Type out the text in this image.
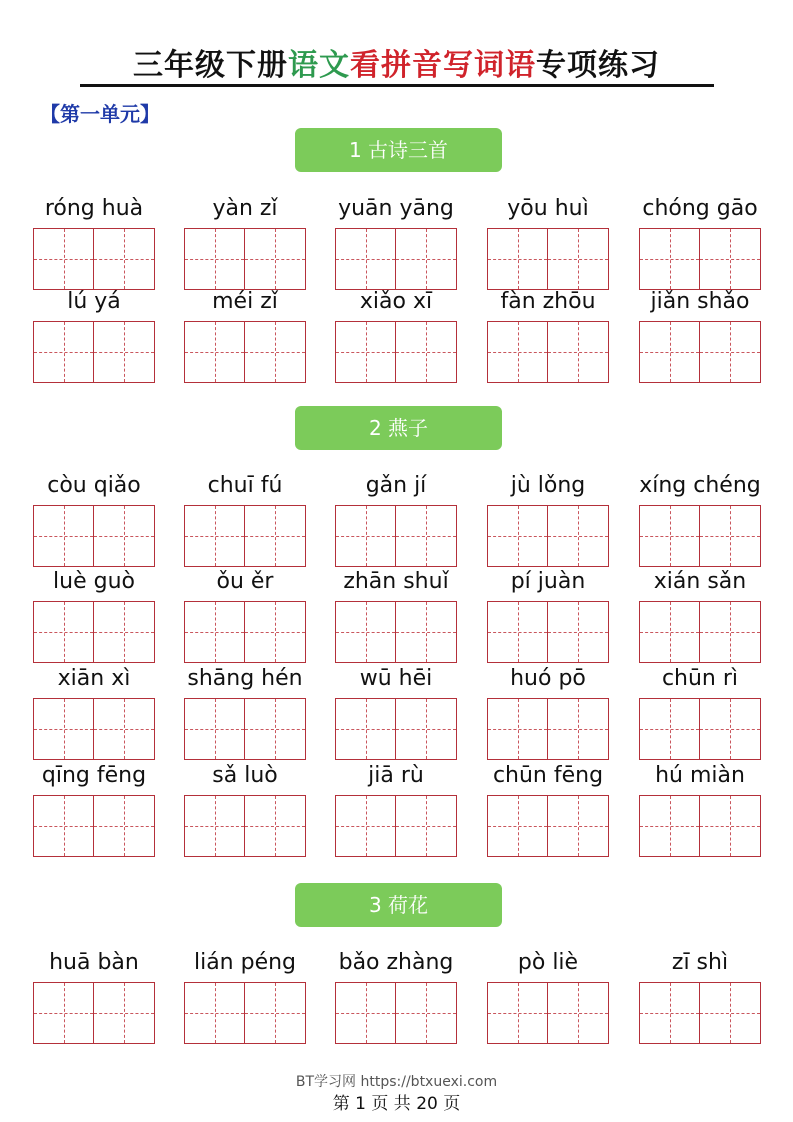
三年级下册语文看拼音写词语专项练习
【第一单元】
1 古诗三首
róng huà	yàn zǐ	yuān yāng	yōu huì	chóng gāo
lú yá	méi zǐ	xiǎo xī	fàn zhōu	jiǎn shǎo
2 燕子
còu qiǎo	chuī fú	gǎn jí	jù lǒng	xíng chéng
luè guò	ǒu ěr	zhān shuǐ	pí juàn	xián sǎn
xiān xì	shāng hén	wū hēi	huó pō	chūn rì
qīng fēng	sǎ luò	jiā rù	chūn fēng	hú miàn
3 荷花
huā bàn	lián péng	bǎo zhàng	pò liè	zī shì
BT学习网 https://btxuexi.com
第 1 页 共 20 页
